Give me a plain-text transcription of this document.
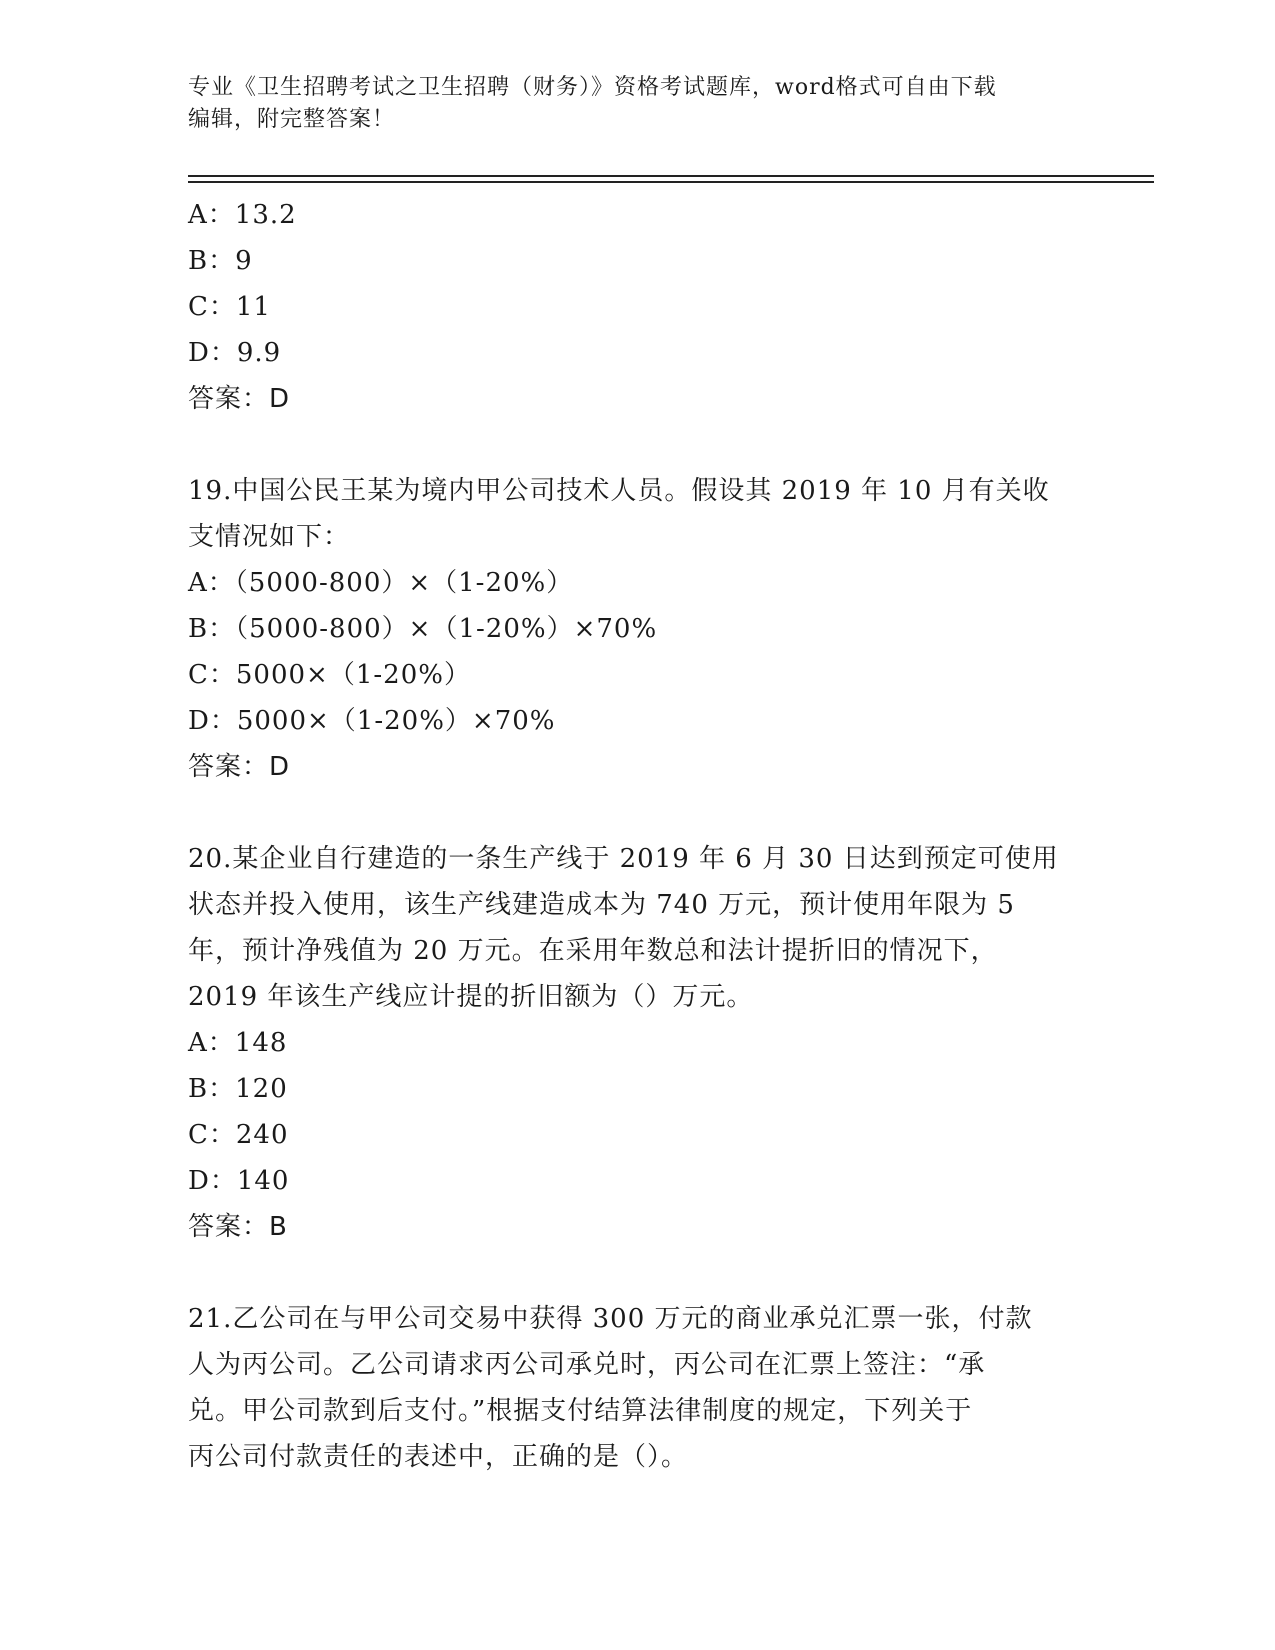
专业《卫生招聘考试之卫生招聘（财务）》资格考试题库，word格式可自由下载
编辑，附完整答案！
A：13.2
B：9
C：11
D：9.9
答案：D
19.中国公民王某为境内甲公司技术人员。假设其 2019 年 10 月有关收
支情况如下：
A：（5000-800）×（1-20%）
B：（5000-800）×（1-20%）×70%
C：5000×（1-20%）
D：5000×（1-20%）×70%
答案：D
20.某企业自行建造的一条生产线于 2019 年 6 月 30 日达到预定可使用
状态并投入使用，该生产线建造成本为 740 万元，预计使用年限为 5
年，预计净残值为 20 万元。在采用年数总和法计提折旧的情况下，
2019 年该生产线应计提的折旧额为（）万元。
A：148
B：120
C：240
D：140
答案：B
21.乙公司在与甲公司交易中获得 300 万元的商业承兑汇票一张，付款
人为丙公司。乙公司请求丙公司承兑时，丙公司在汇票上签注：“承
兑。甲公司款到后支付。”根据支付结算法律制度的规定，下列关于
丙公司付款责任的表述中，正确的是（）。
